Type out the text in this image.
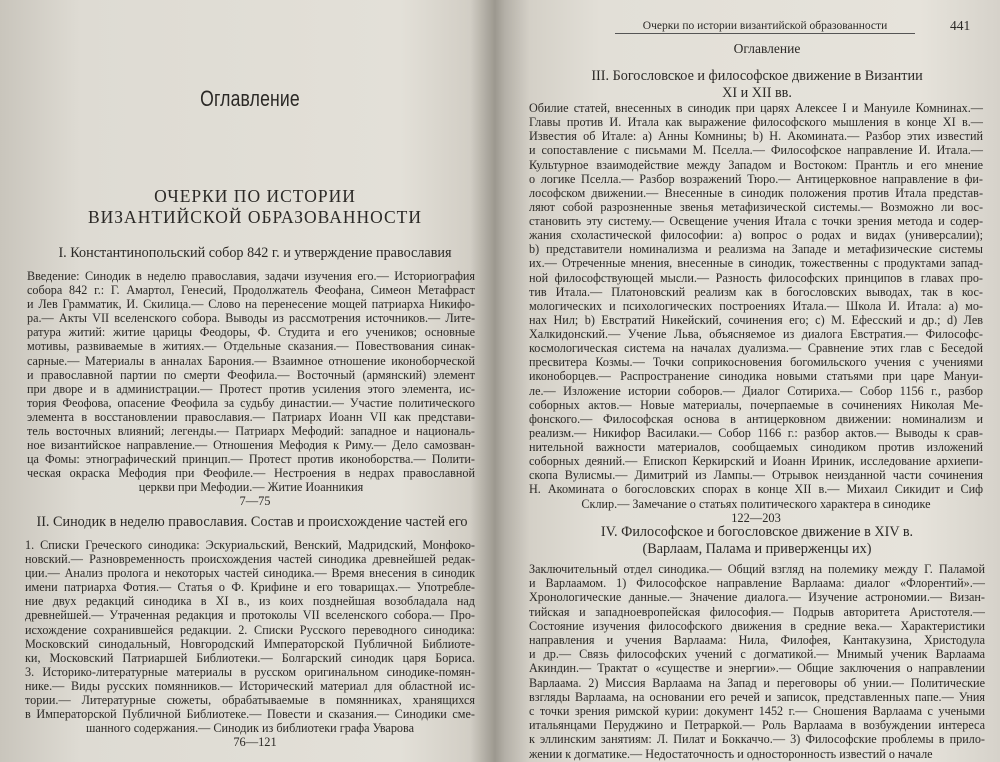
Оглавление
ОЧЕРКИ ПО ИСТОРИИ
ВИЗАНТИЙСКОЙ ОБРАЗОВАННОСТИ
I. Константинопольский собор 842 г. и утверждение православия
Введение: Синодик в неделю православия, задачи изучения его.— Историография
собора 842 г.: Г. Амартол, Генесий, Продолжатель Феофана, Симеон Метафраст
и Лев Грамматик, И. Скилица.— Слово на перенесение мощей патриарха Никифо-
ра.— Акты VII вселенского собора. Выводы из рассмотрения источников.— Лите-
ратура житий: житие царицы Феодоры, Ф. Студита и его учеников; основные
мотивы, развиваемые в житиях.— Отдельные сказания.— Повествования синак-
сарные.— Материалы в анналах Барония.— Взаимное отношение иконоборческой
и православной партии по смерти Феофила.— Восточный (армянский) элемент
при дворе и в администрации.— Протест против усиления этого элемента, ис-
тория Феофова, опасение Феофила за судьбу династии.— Участие политического
элемента в восстановлении православия.— Патриарх Иоанн VII как представи-
тель восточных влияний; легенды.— Патриарх Мефодий: западное и националь-
ное византийское направление.— Отношения Мефодия к Риму.— Дело самозван-
ца Фомы: этнографический принцип.— Протест против иконоборства.— Полити-
ческая окраска Мефодия при Феофиле.— Нестроения в недрах православной
церкви при Мефодии.— Житие Иоанникия
7—75
II. Синодик в неделю православия. Состав и происхождение частей его
1. Списки Греческого синодика: Эскуриальский, Венский, Мадридский, Монфоко-
новский.— Разновременность происхождения частей синодика древнейшей редак-
ции.— Анализ пролога и некоторых частей синодика.— Время внесения в синодик
имени патриарха Фотия.— Статья о Ф. Крифине и его товарищах.— Употребле-
ние двух редакций синодика в XI в., из коих позднейшая возобладала над
древнейшей.— Утраченная редакция и протоколы VII вселенского собора.— Про-
исхождение сохранившейся редакции. 2. Списки Русского переводного синодика:
Московский синодальный, Новгородский Императорской Публичной Библиоте-
ки, Московский Патриаршей Библиотеки.— Болгарский синодик царя Бориса.
3. Историко-литературные материалы в русском оригинальном синодике-помян-
нике.— Виды русских помянников.— Исторический материал для областной ис-
тории.— Литературные сюжеты, обрабатываемые в помянниках, хранящихся
в Императорской Публичной Библиотеке.— Повести и сказания.— Синодики сме-
шанного содержания.— Синодик из библиотеки графа Уварова
76—121
Очерки по истории византийской образованности	441
Оглавление
III. Богословское и философское движение в Византии
XI и XII вв.
Обилие статей, внесенных в синодик при царях Алексее I и Мануиле Комнинах.—
Главы против И. Итала как выражение философского мышления в конце XI в.—
Известия об Итале: а) Анны Комнины; b) Н. Акомината.— Разбор этих известий
и сопоставление с письмами М. Пселла.— Философское направление И. Итала.—
Культурное взаимодействие между Западом и Востоком: Прантль и его мнение
о логике Пселла.— Разбор возражений Тюро.— Антицерковное направление в фи-
лософском движении.— Внесенные в синодик положения против Итала представ-
ляют собой разрозненные звенья метафизической системы.— Возможно ли вос-
становить эту систему.— Освещение учения Итала с точки зрения метода и содер-
жания схоластической философии: а) вопрос о родах и видах (универсалии);
b) представители номинализма и реализма на Западе и метафизические системы
их.— Отреченные мнения, внесенные в синодик, тожественны с продуктами запад-
ной философствующей мысли.— Разность философских принципов в главах про-
тив Итала.— Платоновский реализм как в богословских выводах, так в кос-
мологических и психологических построениях Итала.— Школа И. Итала: а) мо-
нах Нил; b) Евстратий Никейский, сочинения его; с) М. Ефесский и др.; d) Лев
Халкидонский.— Учение Льва, объясняемое из диалога Евстратия.— Философс-
космологическая система на началах дуализма.— Сравнение этих глав с Беседой
пресвитера Козмы.— Точки соприкосновения богомильского учения с учениями
иконоборцев.— Распространение синодика новыми статьями при царе Мануи-
ле.— Изложение истории соборов.— Диалог Сотириха.— Собор 1156 г., разбор
соборных актов.— Новые материалы, почерпаемые в сочинениях Николая Ме-
фонского.— Философская основа в антицерковном движении: номинализм и
реализм.— Никифор Василаки.— Собор 1166 г.: разбор актов.— Выводы к срав-
нительной важности материалов, сообщаемых синодиком против изложений
соборных деяний.— Епископ Керкирский и Иоанн Ириник, исследование архиепи-
скопа Вулисмы.— Димитрий из Лампы.— Отрывок неизданной части сочинения
Н. Акомината о богословских спорах в конце XII в.— Михаил Сикидит и Сиф
Склир.— Замечание о статьях политического характера в синодике
122—203
IV. Философское и богословское движение в XIV в.
(Варлаам, Палама и приверженцы их)
Заключительный отдел синодика.— Общий взгляд на полемику между Г. Паламой
и Варлаамом. 1) Философское направление Варлаама: диалог «Флорентий».—
Хронологические данные.— Значение диалога.— Изучение астрономии.— Визан-
тийская и западноевропейская философия.— Подрыв авторитета Аристотеля.—
Состояние изучения философского движения в средние века.— Характеристики
направления и учения Варлаама: Нила, Филофея, Кантакузина, Христодула
и др.— Связь философских учений с догматикой.— Мнимый ученик Варлаама
Акиндин.— Трактат о «существе и энергии».— Общие заключения о направлении
Варлаама. 2) Миссия Варлаама на Запад и переговоры об унии.— Политические
взгляды Варлаама, на основании его речей и записок, представленных папе.— Уния
с точки зрения римской курии: документ 1452 г.— Сношения Варлаама с учеными
итальянцами Перуджино и Петраркой.— Роль Варлаама в возбуждении интереса
к эллинским занятиям: Л. Пилат и Боккаччо.— 3) Философские проблемы в прило-
жении к догматике.— Недостаточность и односторонность известий о начале
